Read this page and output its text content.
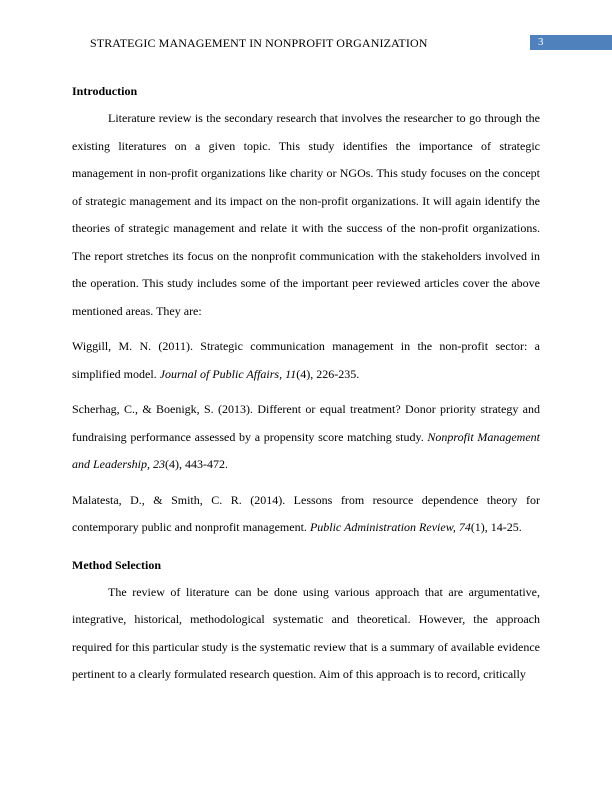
STRATEGIC MANAGEMENT IN NONPROFIT ORGANIZATION	3
Introduction

Literature review is the secondary research that involves the researcher to go through the existing literatures on a given topic. This study identifies the importance of strategic management in non-profit organizations like charity or NGOs. This study focuses on the concept of strategic management and its impact on the non-profit organizations. It will again identify the theories of strategic management and relate it with the success of the non-profit organizations. The report stretches its focus on the nonprofit communication with the stakeholders involved in the operation. This study includes some of the important peer reviewed articles cover the above mentioned areas. They are:

Wiggill, M. N. (2011). Strategic communication management in the non-profit sector: a simplified model. Journal of Public Affairs, 11(4), 226-235.

Scherhag, C., & Boenigk, S. (2013). Different or equal treatment? Donor priority strategy and fundraising performance assessed by a propensity score matching study. Nonprofit Management and Leadership, 23(4), 443-472.

Malatesta, D., & Smith, C. R. (2014). Lessons from resource dependence theory for contemporary public and nonprofit management. Public Administration Review, 74(1), 14-25.

Method Selection

The review of literature can be done using various approach that are argumentative, integrative, historical, methodological systematic and theoretical. However, the approach required for this particular study is the systematic review that is a summary of available evidence pertinent to a clearly formulated research question. Aim of this approach is to record, critically
